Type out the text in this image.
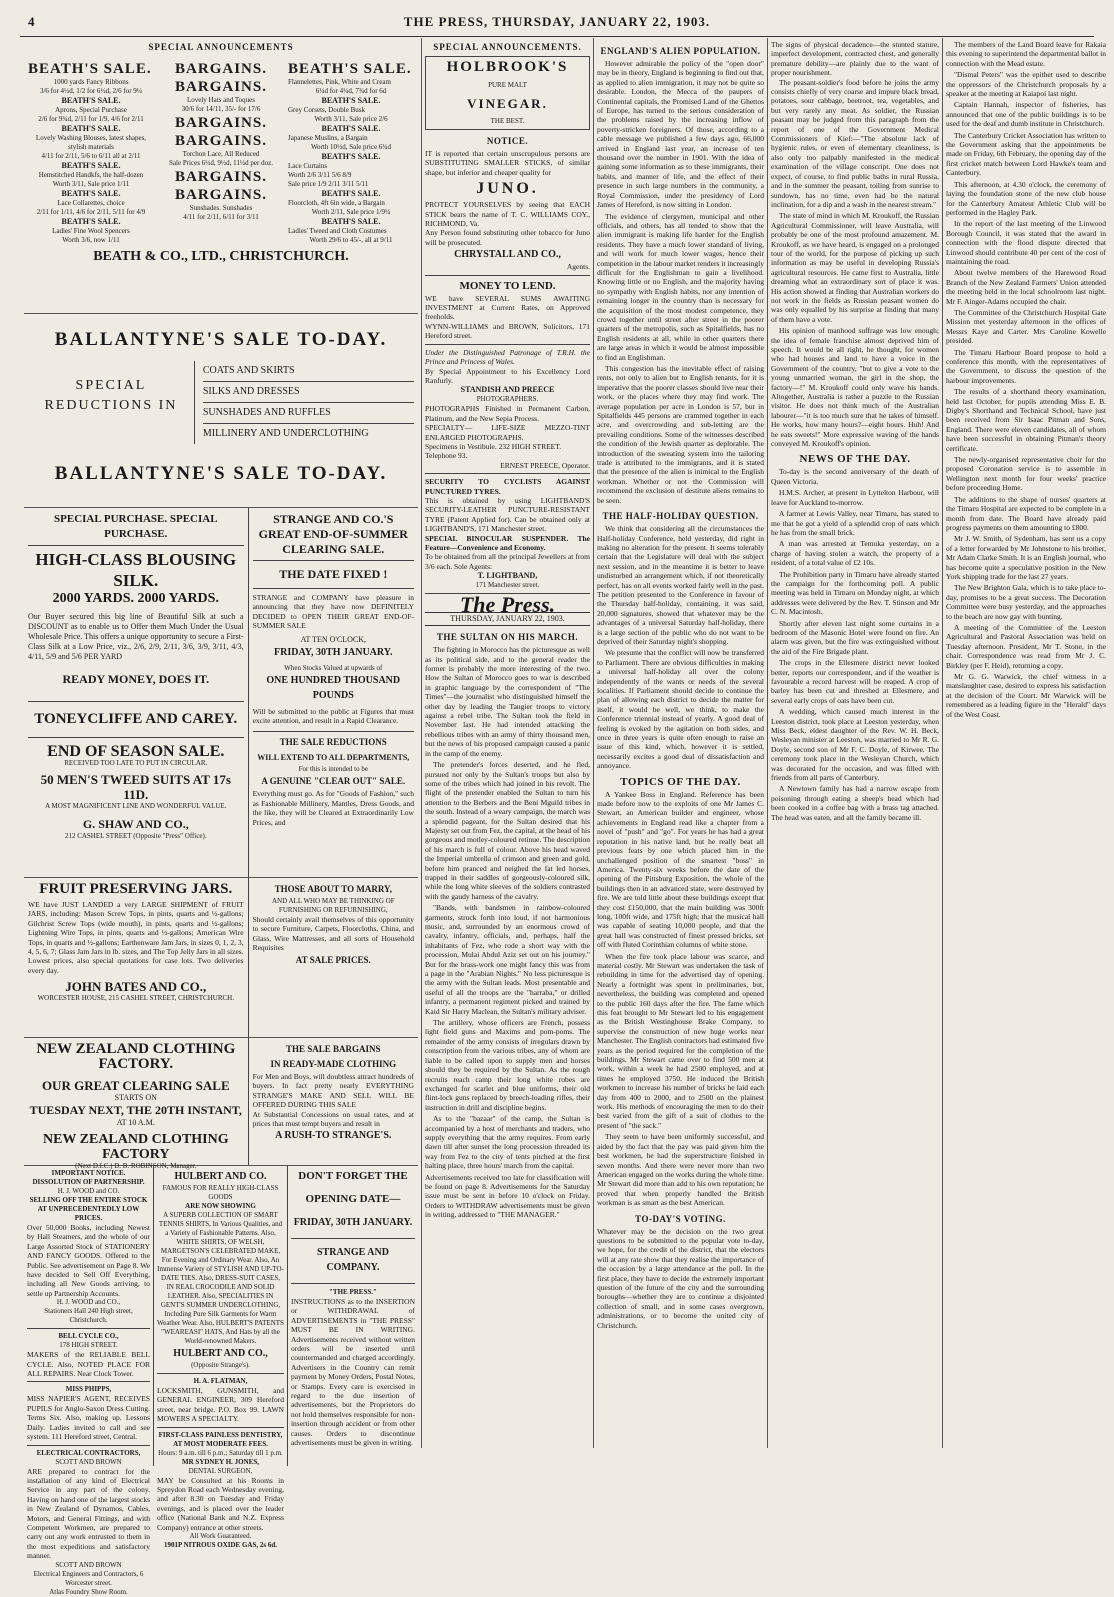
4	THE PRESS, THURSDAY, JANUARY 22, 1903.
SPECIAL ANNOUNCEMENTS
BEATH'S SALE.
1000 yards Fancy Ribbons
3/6 for 4½d, 1/2 for 6½d, 2/6 for 9¼
BEATH'S SALE.
Aprons, Special Purchase
2/6 for 9¾d, 2/11 for 1/9, 4/6 for 2/11
BEATH'S SALE.
Lovely Washing Blouses, latest shapes, stylish materials
4/11 for 2/11, 5/6 to 6/11 all at 2/11
BEATH'S SALE.
Hemstitched Handkfs, the half-dozen
Worth 3/11, Sale price 1/11
BEATH'S SALE.
Lace Collarettes, choice
2/11 for 1/11, 4/6 for 2/11, 5/11 for 4/9
BEATH'S SALE.
Ladies' Fine Wool Spencers
Worth 3/6, now 1/11
BARGAINS.
BARGAINS.
Lovely Hats and Toques
30/6 for 14/11, 35/- for 17/6
BARGAINS.
BARGAINS.
Torchon Lace, All Reduced
Sale Prices 6½d, 9½d, 11½d per doz.
BARGAINS.
BARGAINS.
Sunshades. Sunshades
4/11 for 2/11, 6/11 for 3/11
BEATH'S SALE.
Flannelettes, Pink, White and Cream
6¼d for 4¼d, 7¾d for 6d
BEATH'S SALE.
Grey Corsets, Double Busk
Worth 3/11, Sale price 2/6
BEATH'S SALE.
Japanese Muslins, a Bargain
Worth 10½d, Sale price 6¾d
BEATH'S SALE.
Lace Curtains
Worth 2/6 3/11 5/6 8/9
Sale price 1/9 2/11 3/11 5/11
BEATH'S SALE.
Floorcloth, 4ft 6in wide, a Bargain
Worth 2/11, Sale price 1/9¼
BEATH'S SALE.
Ladies' Tweed and Cloth Costumes
Worth 29/6 to 45/-, all at 9/11
BEATH & CO., LTD., CHRISTCHURCH.
BALLANTYNE'S SALE TO-DAY.
SPECIAL
REDUCTIONS IN
COATS AND SKIRTS
SILKS AND DRESSES
SUNSHADES AND RUFFLES
MILLINERY AND UNDERCLOTHING
BALLANTYNE'S SALE TO-DAY.
SPECIAL PURCHASE. SPECIAL PURCHASE.
HIGH-CLASS BLOUSING SILK.
2000 YARDS. 2000 YARDS.
Our Buyer secured this big line of Beautiful Silk at such a DISCOUNT as to enable us to Offer them Much Under the Usual Wholesale Price. This offers a unique opportunity to secure a First-Class Silk at a Low Price, viz., 2/6, 2/9, 2/11, 3/6, 3/9, 3/11, 4/3, 4/11, 5/9 and 5/6 PER YARD
READY MONEY, DOES IT.
TONEYCLIFFE AND CAREY.
END OF SEASON SALE.
RECEIVED TOO LATE TO PUT IN CIRCULAR.
50 MEN'S TWEED SUITS AT 17s 11D.
A MOST MAGNIFICENT LINE AND WONDERFUL VALUE.
G. SHAW AND CO.,
212 CASHEL STREET (Opposite "Press" Office).
STRANGE AND CO.'S
GREAT END-OF-SUMMER
CLEARING SALE.
THE DATE FIXED !
STRANGE and COMPANY have pleasure in announcing that they have now DEFINITELY DECIDED to OPEN THEIR GREAT END-OF-SUMMER SALE
AT TEN O'CLOCK,
FRIDAY, 30TH JANUARY.
When Stocks Valued at upwards of
ONE HUNDRED THOUSAND
POUNDS
Will be submitted to the public at Figures that must excite attention, and result in a Rapid Clearance.
THE SALE REDUCTIONS
WILL EXTEND TO ALL DEPARTMENTS,
For this is intended to be
A GENUINE "CLEAR OUT" SALE.
Everything must go. As for "Goods of Fashion," such as Fashionable Millinery, Mantles, Dress Goods, and the like, they will be Cleared at Extraordinarily Low Prices, and
FRUIT PRESERVING JARS.
WE have JUST LANDED a very LARGE SHIPMENT of FRUIT JARS, including: Mason Screw Tops, in pints, quarts and ½-gallons; Gilchrist Screw Tops (wide mouth), in pints, quarts and ½-gallons; Lightning Wire Tops, in pints, quarts and ½-gallons; American Wire Tops, in quarts and ½-gallons; Earthenware Jam Jars, in sizes 0, 1, 2, 3, 4, 5, 6, 7; Glass Jam Jars in lb. sizes, and The Top Jelly Jars in all sizes. Lowest prices, also special quotations for case lots. Two deliveries every day.
JOHN BATES AND CO.,
WORCESTER HOUSE, 215 CASHEL STREET, CHRISTCHURCH.
THOSE ABOUT TO MARRY,
AND ALL WHO MAY BE THINKING OF FURNISHING OR REFURNISHING,
Should certainly avail themselves of this opportunity to secure Furniture, Carpets, Floorcloths, China, and Glass, Wire Mattresses, and all sorts of Household Requisites
AT SALE PRICES.
NEW ZEALAND CLOTHING FACTORY.
OUR GREAT CLEARING SALE
STARTS ON
TUESDAY NEXT, THE 20TH INSTANT,
AT 10 A.M.
NEW ZEALAND CLOTHING FACTORY
(Next D.I.C.) D. B. ROBINSON, Manager.
THE SALE BARGAINS
IN READY-MADE CLOTHING
For Men and Boys, will doubtless attract hundreds of buyers. In fact pretty nearly EVERYTHING STRANGE'S MAKE AND SELL WILL BE OFFERED DURING THIS SALE
At Substantial Concessions on usual rates, and at prices that must tempt buyers and result in
A RUSH-TO STRANGE'S.
IMPORTANT NOTICE.
DISSOLUTION OF PARTNERSHIP.
H. J. WOOD and CO.
SELLING OFF THE ENTIRE STOCK AT UNPRECEDENTEDLY LOW PRICES.
Over 50,000 Books, including Newest by Hall Steamers, and the whole of our Large Assorted Stock of STATIONERY AND FANCY GOODS. Offered to the Public. See advertisement on Page 8. We have decided to Sell Off Everything, including all New Goods arriving, to settle up Partnership Accounts.
H. J. WOOD and CO.,
Stationers Hall 240 High street, Christchurch.
BELL CYCLE CO.,
178 HIGH STREET.
MAKERS of the RELIABLE BELL CYCLE. Also, NOTED PLACE FOR ALL REPAIRS. Near Clock Tower.
MISS PHIPPS,
MISS NAPIER'S AGENT, RECEIVES PUPILS for Anglo-Saxon Dress Cutting. Terms Six. Also, making up. Lessons Daily. Ladies invited to call and see system. 111 Hereford street, Central.
ELECTRICAL CONTRACTORS,
SCOTT AND BROWN
ARE prepared to contract for the installation of any kind of Electrical Service in any part of the colony. Having on hand one of the largest stocks in New Zealand of Dynamos, Cables, Motors, and General Fittings, and with Competent Workmen, are prepared to carry out any work entrusted to them in the most expeditious and satisfactory manner.
SCOTT AND BROWN
Electrical Engineers and Contractors, 6 Worcester street.
Atlas Foundry Show Room.
HULBERT AND CO.
FAMOUS FOR REALLY HIGH-CLASS GOODS
ARE NOW SHOWING
A SUPERB COLLECTION OF SMART TENNIS SHIRTS, In Various Qualities, and a Variety of Fashionable Patterns. Also, WHITE SHIRTS, OF WELSH, MARGETSON'S CELEBRATED MAKE, For Evening and Ordinary Wear. Also, An Immense Variety of STYLISH AND UP-TO-DATE TIES. Also, DRESS-SUIT CASES, IN REAL CROCODILE AND SOLID LEATHER. Also, SPECIALITIES IN GENT'S SUMMER UNDERCLOTHING, Including Pure Silk Garments for Warm Weather Wear. Also, HULBERT'S PATENTS "WEAREASI" HATS, And Hats by all the World-renowned Makers.
HULBERT AND CO.,
(Opposite Strange's).
H. A. FLATMAN,
LOCKSMITH, GUNSMITH, and GENERAL ENGINEER, 309 Hereford street, near bridge. P.O. Box 99. LAWN MOWERS A SPECIALTY.
FIRST-CLASS PAINLESS DENTISTRY, AT MOST MODERATE FEES.
Hours: 9 a.m. till 6 p.m.; Saturday till 1 p.m.
MR SYDNEY H. JONES,
DENTAL SURGEON,
MAY be Consulted at his Rooms in Spreydon Road each Wednesday evening, and after 8.30 on Tuesday and Friday evenings, and is placed over the leader office (National Bank and N.Z. Express Company) entrance at other streets.
All Work Guaranteed.
1901P NITROUS OXIDE GAS, 2s 6d.
DON'T FORGET THE
OPENING DATE—
FRIDAY, 30TH JANUARY.
STRANGE AND COMPANY.
"THE PRESS."
INSTRUCTIONS as to the INSERTION or WITHDRAWAL of ADVERTISEMENTS in "THE PRESS" MUST BE IN WRITING. Advertisements received without written orders will be inserted until countermanded and charged accordingly. Advertisers in the Country can remit payment by Money Orders, Postal Notes, or Stamps. Every care is exercised in regard to the due insertion of advertisements, but the Proprietors do not hold themselves responsible for non-insertion through accident or from other causes. Orders to discontinue advertisements must be given in writing.
SPECIAL ANNOUNCEMENTS.
HOLBROOK'S
PURE MALT
VINEGAR.
THE BEST.
NOTICE.
IT is reported that certain unscrupulous persons are SUBSTITUTING SMALLER STICKS, of similar shape, but inferior and cheaper quality for
JUNO.
PROTECT YOURSELVES by seeing that EACH STICK bears the name of T. C. WILLIAMS COY., RICHMOND, Va.
Any Person found substituting other tobacco for Juno will be prosecuted.
CHRYSTALL AND CO.,
Agents.
MONEY TO LEND.
WE have SEVERAL SUMS AWAITING INVESTMENT at Current Rates, on Approved freeholds.
WYNN-WILLIAMS and BROWN, Solicitors, 171 Hereford street.
Under the Distinguished Patronage of T.R.H. the Prince and Princess of Wales.
By Special Appointment to his Excellency Lord Ranfurly.
STANDISH AND PREECE
PHOTOGRAPHERS.
PHOTOGRAPHS Finished in Permanent Carbon, Platinum, and the New Sepia Process.
SPECIALTY— LIFE-SIZE MEZZO-TINT ENLARGED PHOTOGRAPHS.
Specimens in Vestibule. 232 HIGH STREET.
Telephone 93.
ERNEST PREECE, Operator.
SECURITY TO CYCLISTS AGAINST PUNCTURED TYRES.
This is obtained by using LIGHTBAND'S SECURITY-LEATHER PUNCTURE-RESISTANT TYRE (Patent Applied for). Can be obtained only at LIGHTBAND'S, 171 Manchester street.
SPECIAL BINOCULAR SUSPENDER. The Feature—Convenience and Economy.
To be obtained from all the principal Jewellers at from 3/6 each. Sole Agents:
T. LIGHTBAND,
171 Manchester street.
The Press.
THURSDAY, JANUARY 22, 1903.
THE SULTAN ON HIS MARCH.

The fighting in Morocco has the picturesque as well as its political side, and to the general reader the former is probably the more interesting of the two. How the Sultan of Morocco goes to war is described in graphic language by the correspondent of "The Times"—the journalist who distinguished himself the other day by leading the Tangier troops to victory against a rebel tribe. The Sultan took the field in November last. He had intended attacking the rebellious tribes with an army of thirty thousand men, but the news of his proposed campaign caused a panic in the camp of the enemy.

The pretender's forces deserted, and he fled, pursued not only by the Sultan's troops but also by some of the tribes which had joined in his revolt. The flight of the pretender enabled the Sultan to turn his attention to the Berbers and the Beni Mguild tribes in the south. Instead of a weary campaign, the march was a splendid pageant, for the Sultan desired that his Majesty set out from Fez, the capital, at the head of his gorgeous and motley-coloured retinue. The description of his march is full of colour. Above his head waved the Imperial umbrella of crimson and green and gold, before him pranced and neighed the fat led horses, trapped in their saddles of gorgeously-coloured silk, while the long white sleeves of the soldiers contrasted with the gaudy harness of the cavalry.

"Bands, with bandsmen in rainbow-coloured garments, struck forth into loud, if not harmonious music, and, surrounded by an enormous crowd of cavalry, infantry, officials, and, perhaps, half the inhabitants of Fez, who rode a short way with the procession, Mulai Abdul Aziz set out on his journey." But for the brass-work one might fancy this was from a page in the "Arabian Nights." No less picturesque is the army with the Sultan leads. Most presentable and useful of all the troops are the "harraba," or drilled infantry, a permanent regiment picked and trained by Kaid Sir Harry Maclean, the Sultan's military adviser.

The artillery, whose officers are French, possess light field guns and Maxims and pom-poms. The remainder of the army consists of irregulars drawn by conscription from the various tribes, any of whom are liable to be called upon to supply men and horses should they be required by the Sultan. As the rough recruits reach camp their long white robes are exchanged for scarlet and blue uniforms, their old flint-lock guns replaced by breech-loading rifles, their instruction in drill and discipline begins.

As to the "bazaar" of the camp, the Sultan is accompanied by a host of merchants and traders, who supply everything that the army requires. From early dawn till after sunset the long procession threaded its way from Fez to the city of tents pitched at the first halting place, three hours' march from the capital.

Advertisements received too late for classification will be found on page 8. Advertisements for the Saturday issue must be sent in before 10 o'clock on Friday. Orders to WITHDRAW advertisements must be given in writing, addressed to "THE MANAGER."
ENGLAND'S ALIEN POPULATION.

However admirable the policy of the "open door" may be in theory, England is beginning to find out that, as applied to alien immigration, it may not be quite so desirable. London, the Mecca of the paupers of Continental capitals, the Promised Land of the Ghettos of Europe, has turned to the serious consideration of the problems raised by the increasing inflow of poverty-stricken foreigners. Of those, according to a cable message we published a few days ago, 66,000 arrived in England last year, an increase of ten thousand over the number in 1901. With the idea of gaining some information as to these immigrants, their habits, and manner of life, and the effect of their presence in such large numbers in the community, a Royal Commission, under the presidency of Lord James of Hereford, is now sitting in London.

The evidence of clergymen, municipal and other officials, and others, has all tended to show that the alien immigrant is making life harder for the English residents. They have a much lower standard of living, and will work for much lower wages, hence their competition in the labour market renders it increasingly difficult for the Englishman to gain a livelihood. Knowing little or no English, and the majority having no sympathy with English habits, nor any intention of remaining longer in the country than is necessary for the acquisition of the most modest competence, they crowd together until street after street in the poorer quarters of the metropolis, such as Spitalfields, has no English residents at all, while in other quarters there are large areas in which it would be almost impossible to find an Englishman.

This congestion has the inevitable effect of raising rents, not only to alien but to English tenants, for it is imperative that the poorer classes should live near their work, or the places where they may find work. The average population per acre in London is 57, but in Spitalfields 445 persons are crammed together in each acre, and overcrowding and sub-letting are the prevailing conditions. Some of the witnesses described the condition of the Jewish quarter as deplorable. The introduction of the sweating system into the tailoring trade is attributed to the immigrants, and it is stated that the presence of the alien is inimical to the English workman. Whether or not the Commission will recommend the exclusion of destitute aliens remains to be seen.

THE HALF-HOLIDAY QUESTION.

We think that considering all the circumstances the Half-holiday Conference, held yesterday, did right in making no alteration for the present. It seems tolerably certain that the Legislature will deal with the subject next session, and in the meantime it is better to leave undisturbed an arrangement which, if not theoretically perfect, has on all events worked fairly well in the past. The petition presented to the Conference in favour of the Thursday half-holiday, containing, it was said, 20,000 signatures, showed that whatever may be the advantages of a universal Saturday half-holiday, there is a large section of the public who do not want to be deprived of their Saturday night's shopping.

We presume that the conflict will now be transferred to Parliament. There are obvious difficulties in making a universal half-holiday all over the colony independently of the wants or needs of the several localities. If Parliament should decide to continue the plan of allowing each district to decide the matter for itself, it would be well, we think, to make the Conference triennial instead of yearly. A good deal of feeling is evoked by the agitation on both sides, and once in three years is quite often enough to raise an issue of this kind, which, however it is settled, necessarily excites a good deal of dissatisfaction and annoyance.

TOPICS OF THE DAY.

A Yankee Boss in England. Reference has been made before now to the exploits of one Mr James C. Stewart, an American builder and engineer, whose achievements in England read like a chapter from a novel of "push" and "go". For years he has had a great reputation in his native land, but he really beat all previous feats by one which placed him in the unchallenged position of the smartest "boss" in America. Twenty-six weeks before the date of the opening of the Pittsburg Exposition, the whole of the buildings then in an advanced state, were destroyed by fire. We are told little about these buildings except that they cost £150,000, that the main building was 300ft long, 100ft wide, and 175ft high; that the musical hall was capable of seating 10,000 people, and that the great hall was constructed of finest pressed bricks, set off with fluted Corinthian columns of white stone.

When the fire took place labour was scarce, and material costly. Mr Stewart was undertaken the task of rebuilding in time for the advertised day of opening. Nearly a fortnight was spent in preliminaries, but, nevertheless, the building was completed and opened to the public 160 days after the fire. The fame which this feat brought to Mr Stewart led to his engagement as the British Westinghouse Brake Company, to supervise the construction of new huge works near Manchester. The English contractors had estimated five years as the period required for the completion of the buildings. Mr Stewart came over to find 500 men at work, within a week he had 2500 employed, and at times he employed 3750. He induced the British workmen to increase his number of bricks he laid each day from 400 to 2000, and to 2500 on the plainest work. His methods of encouraging the men to do their best varied from the gift of a suit of clothes to the present of "the sack."

They seem to have been uniformly successful, and aided by the fact that the pay was paid given him the best workmen, he had the superstructure finished in seven months. And there were never more than two American engaged on the works during the whole time. Mr Stewart did more than add to his own reputation; he proved that when properly handled the British workman is as smart as the best American.

TO-DAY'S VOTING.
Whatever may be the decision on the two great questions to be submitted to the popular vote to-day, we hope, for the credit of the district, that the electors will at any rate show that they realise the importance of the occasion by a large attendance at the poll. In the first place, they have to decide the extremely important question of the future of the city and the surrounding boroughs—whether they are to continue a disjointed collection of small, and in some cases overgrown, administrations, or to become the united city of Christchurch.
The signs of physical decadence—the stunted stature, imperfect development, contracted chest, and generally premature debility—are plainly due to the want of proper nourishment.

The peasant-soldier's food before he joins the army consists chiefly of very coarse and impure black bread, potatoes, sour cabbage, beetroot, tea, vegetables, and but very rarely any meat. As soldier, the Russian peasant may be judged from this paragraph from the report of one of the Government Medical Commissioners of Kief:—"The absolute lack of hygienic rules, or even of elementary cleanliness, is also only too palpably manifested in the medical examination of the village conscript. One does not expect, of course, to find public baths in rural Russia, and in the summer the peasant, toiling from sunrise to sundown, has no time, even had he the natural inclination, for a dip and a wash in the nearest stream."

The state of mind in which M. Kroukoff, the Russian Agricultural Commissioner, will leave Australia, will probably be one of the most profound amazement. M. Kroukoff, as we have heard, is engaged on a prolonged tour of the world, for the purpose of picking up such information as may be useful in developing Russia's agricultural resources. He came first to Australia, little dreaming what an extraordinary sort of place it was. His action showed at finding that Australian workers do not work in the fields as Russian peasant women do was only equalled by his surprise at finding that many of them have a vote.

His opinion of manhood suffrage was low enough; the idea of female franchise almost deprived him of speech. It would be all right, he thought, for women who had houses and land to have a voice in the Government of the country, "but to give a vote to the young unmarried woman, the girl in the shop, the factory—!" M. Kroukoff could only wave his hands. Altogether, Australia is rather a puzzle to the Russian visitor. He does not think much of the Australian labourer—"it is too much sure that he takes of himself. He works, how many hours?—eight hours. Huh! And he eats sweets!" More expressive waving of the hands conveyed M. Kroukoff's opinion.

NEWS OF THE DAY.

To-day is the second anniversary of the death of Queen Victoria.

H.M.S. Archer, at present in Lyttelton Harbour, will leave for Auckland to-morrow.

A farmer at Lewis Valley, near Timaru, has stated to me that he got a yield of a splendid crop of oats which he has from the small brick.

A man was arrested at Temuka yesterday, on a charge of having stolen a watch, the property of a resident, of a total value of £2 10s.

The Prohibition party in Timaru have already started the campaign for the forthcoming poll. A public meeting was held in Timaru on Monday night, at which addresses were delivered by the Rev. T. Stinson and Mr C. N. Macintosh.

Shortly after eleven last night some curtains in a bedroom of the Masonic Hotel were found on fire. An alarm was given, but the fire was extinguished without the aid of the Fire Brigade plant.

The crops in the Ellesmere district never looked better, reports our correspondent, and if the weather is favourable a record harvest will be reaped. A crop of barley has been cut and threshed at Ellesmere, and several early crops of oats have been cut.

A wedding, which caused much interest in the Leeston district, took place at Leeston yesterday, when Miss Beck, eldest daughter of the Rev. W. H. Beck, Wesleyan minister at Leeston, was married to Mr R. G. Doyle, second son of Mr F. C. Doyle, of Kirwee. The ceremony took place in the Wesleyan Church, which was decorated for the occasion, and was filled with friends from all parts of Canterbury.

A Newtown family has had a narrow escape from poisoning through eating a sheep's head which had been cooked in a coffee bag with a brass tag attached. The head was eaten, and all the family became ill.

The members of the Land Board leave for Rakaia this evening to superintend the departmental ballot in connection with the Mead estate.

"Dismal Peters" was the epithet used to describe the oppressors of the Christchurch proposals by a speaker at the meeting at Kaiapoi last night.

Captain Hannah, inspector of fisheries, has announced that one of the public buildings is to be used for the deaf and dumb institute in Christchurch.

The Canterbury Cricket Association has written to the Government asking that the appointments be made on Friday, 6th February, the opening day of the first cricket match between Lord Hawke's team and Canterbury.

This afternoon, at 4.30 o'clock, the ceremony of laying the foundation stone of the new club house for the Canterbury Amateur Athletic Club will be performed in the Hagley Park.

In the report of the last meeting of the Linwood Borough Council, it was stated that the award in connection with the flood dispute directed that Linwood should contribute 40 per cent of the cost of maintaining the road.

About twelve members of the Harewood Road Branch of the New Zealand Farmers' Union attended the meeting held in the local schoolroom last night. Mr F. Ainger-Adams occupied the chair.

The Committee of the Christchurch Hospital Gate Mission met yesterday afternoon in the offices of Messrs Kaye and Carter. Mrs Caroline Kowelle presided.

The Timaru Harbour Board propose to hold a conference this month, with the representatives of the Government, to discuss the question of the harbour improvements.

The results of a shorthand theory examination, held last October, for pupils attending Miss E. B. Digby's Shorthand and Technical School, have just been received from Sir Isaac Pitman and Sons, England. There were eleven candidates, all of whom have been successful in obtaining Pitman's theory certificate.

The newly-organised representative choir for the proposed Coronation service is to assemble in Wellington next month for four weeks' practice before proceeding Home.

The additions to the shape of nurses' quarters at the Timaru Hospital are expected to be complete in a month from date. The Board have already paid progress payments on them amounting to £800.

Mr J. W. Smith, of Sydenham, has sent us a copy of a letter forwarded by Mr Johnstone to his brother, Mr Adam Clarke Smith. It is an English journal, who has become quite a speculative position in the New York shipping trade for the last 27 years.

The New Brighton Gala, which is to take place to-day, promises to be a great success. The Decoration Committee were busy yesterday, and the approaches to the beach are now gay with bunting.

A meeting of the Committee of the Leeston Agricultural and Pastoral Association was held on Tuesday afternoon. President, Mr T. Stone, in the chair. Correspondence was read from Mr J. C. Birkley (per F. Heid), returning a copy.

Mr G. G. Warwick, the chief witness in a manslaughter case, desired to express his satisfaction at the decision of the Court. Mr Warwick will be remembered as a leading figure in the "Herald" days of the West Coast.
